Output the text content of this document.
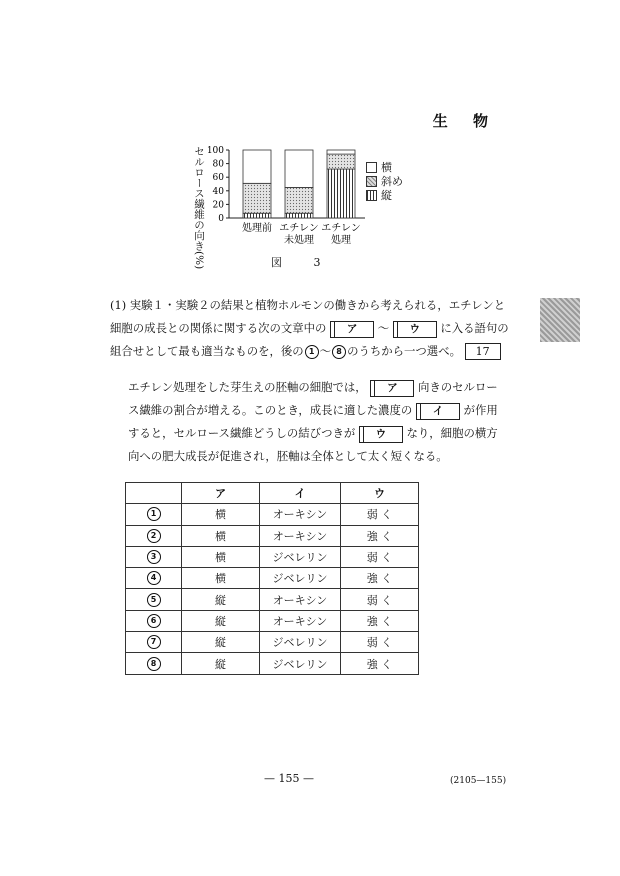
生 物
セルロース繊維の向き(%) 0
20
40
60
80
100
処理前 エチレン
未処理
エチレン
処理
横
斜め
縦
図 3
(1) 実験１・実験２の結果と植物ホルモンの働きから考えられる，エチレンと細胞の成長との関係に関する次の文章中の ア 〜 ウ に入る語句の組合せとして最も適当なものを，後の 1 〜 8 のうちから一つ選べ。 17
エチレン処理をした芽生えの胚軸の細胞では， ア 向きのセルロース繊維の割合が増える。このとき，成長に適した濃度の イ が作用すると，セルロース繊維どうしの結びつきが ウ なり，細胞の横方向への肥大成長が促進され，胚軸は全体として太く短くなる。
	ア	イ	ウ
1	横	オーキシン	弱 く
2	横	オーキシン	強 く
3	横	ジベレリン	弱 く
4	横	ジベレリン	強 く
5	縦	オーキシン	弱 く
6	縦	オーキシン	強 く
7	縦	ジベレリン	弱 く
8	縦	ジベレリン	強 く
— 155 —	(2105—155)
